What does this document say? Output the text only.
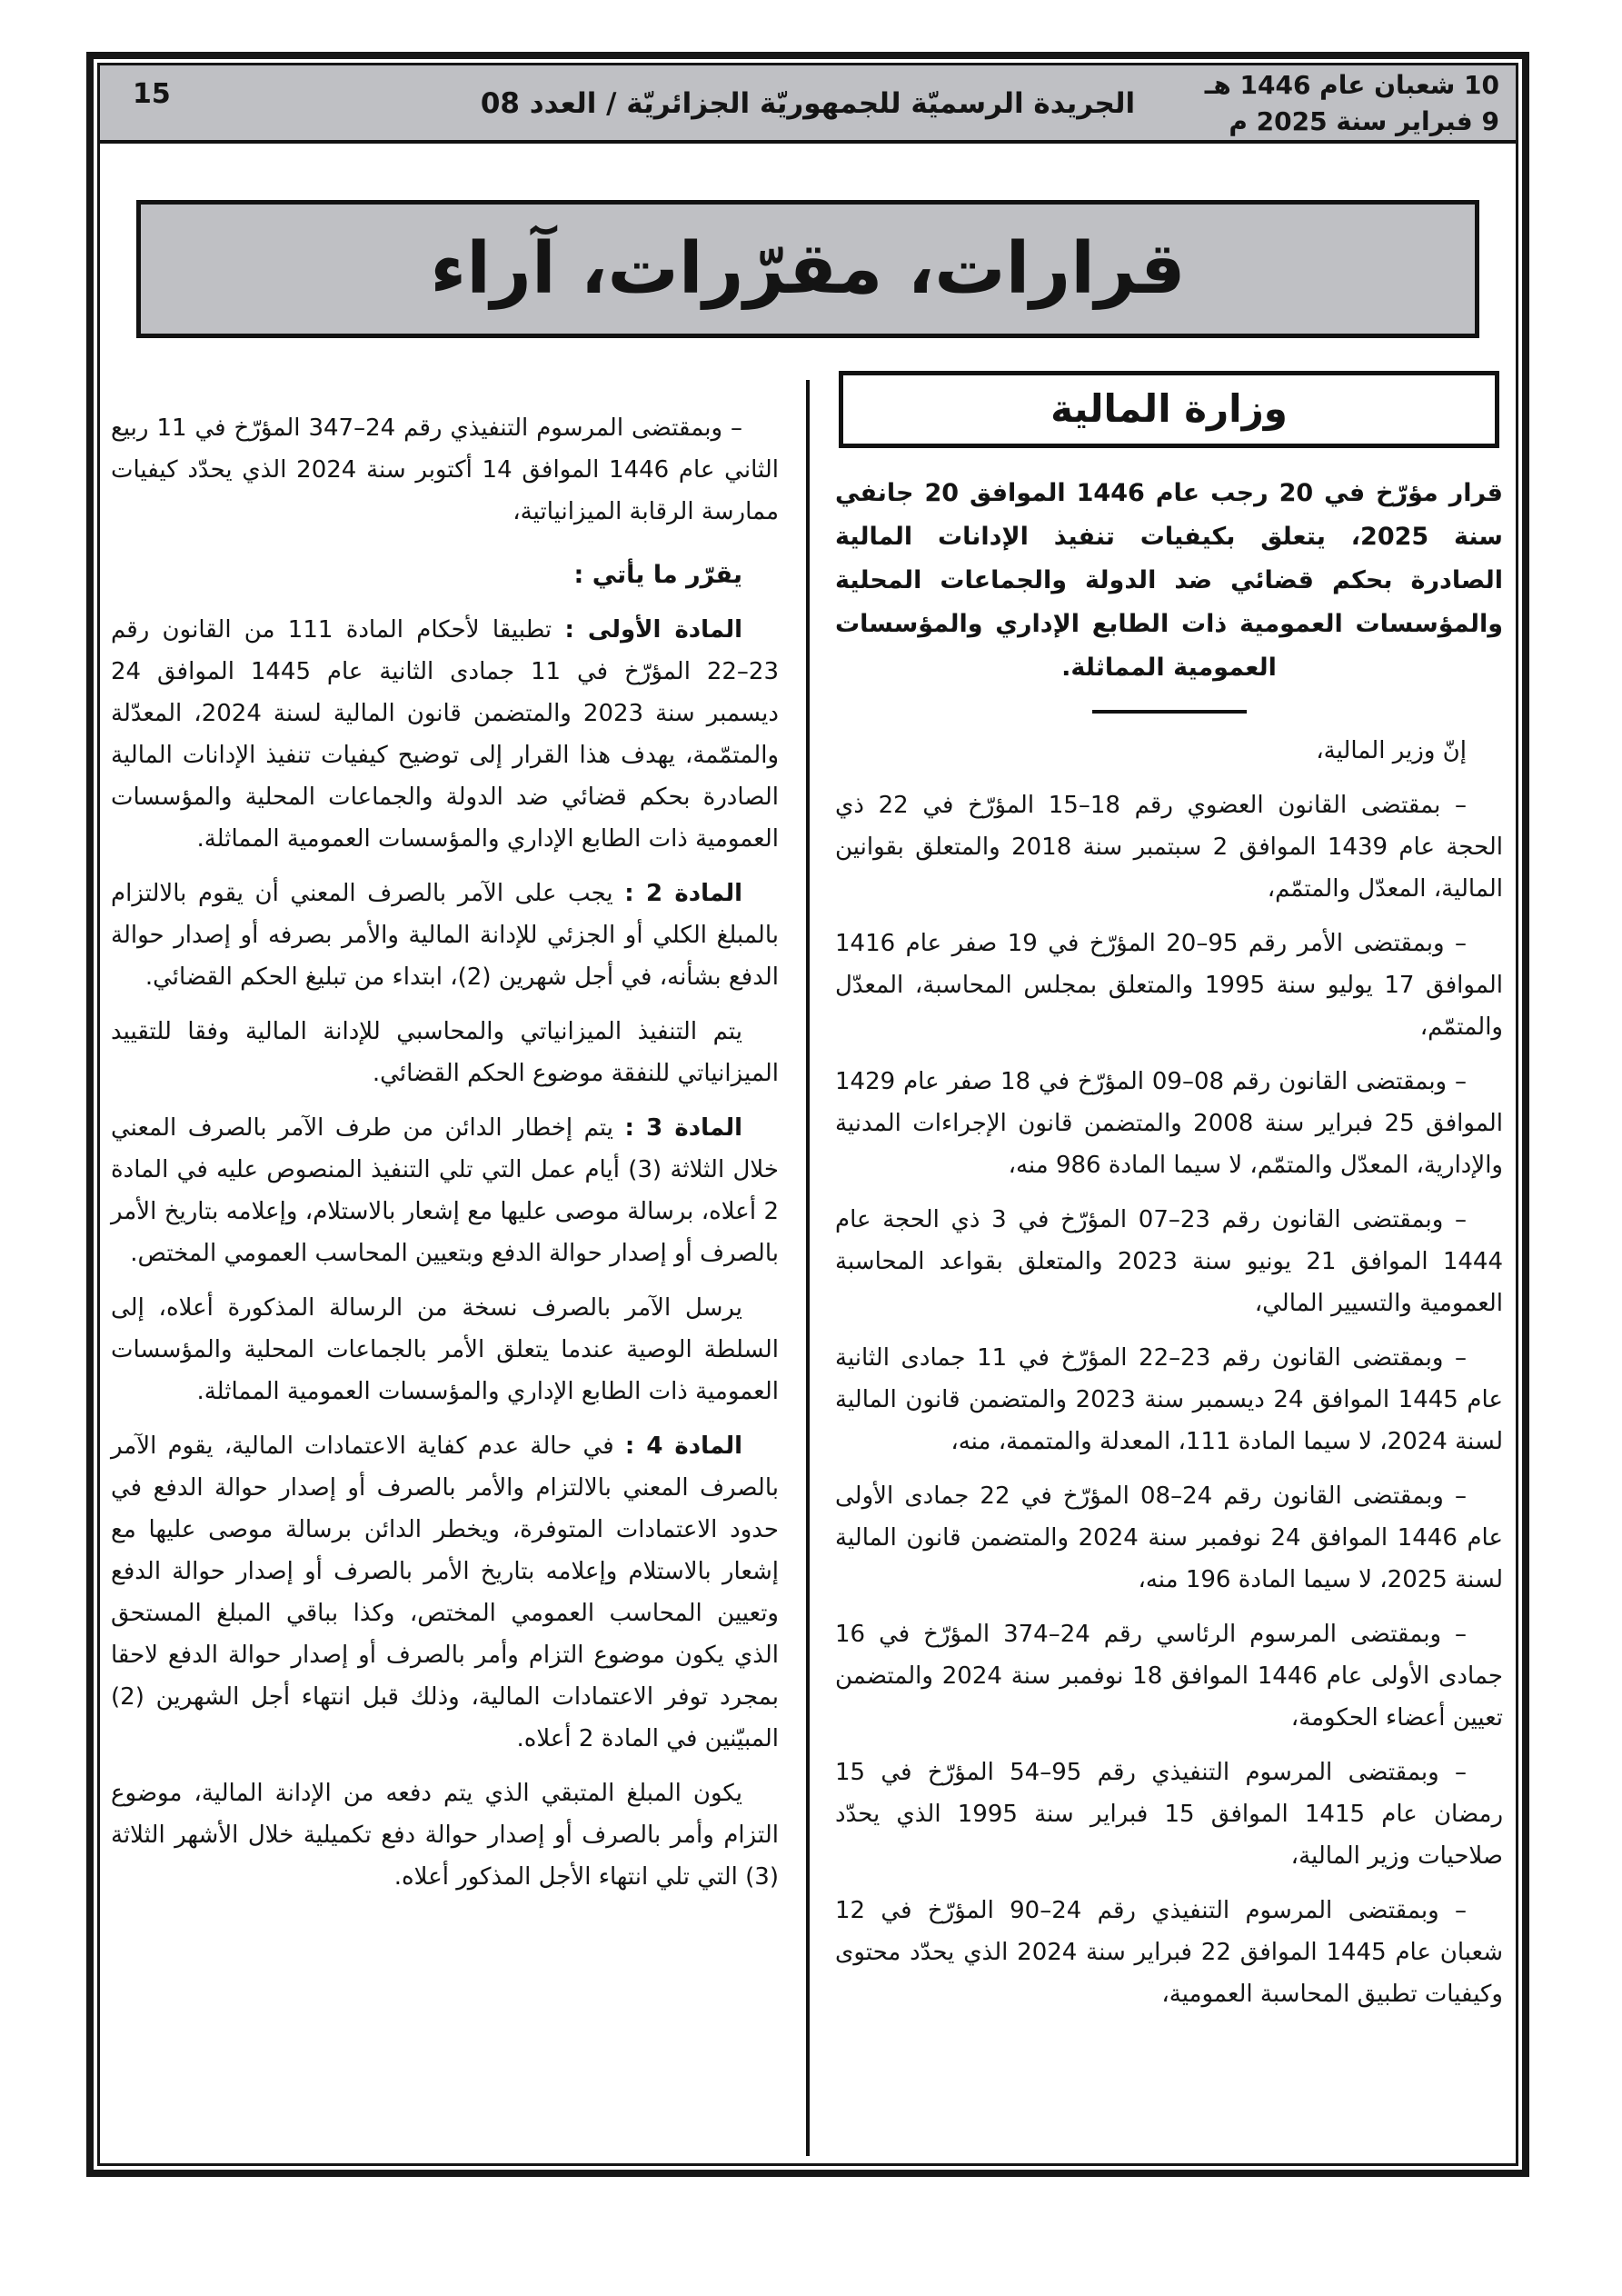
15	الجريدة الرسميّة للجمهوريّة الجزائريّة / العدد 08
10 شعبان عام 1446 هـ
9 فبراير سنة 2025 م
قرارات، مقرّرات، آراء
وزارة المالية

قرار مؤرّخ في 20 رجب عام 1446 الموافق 20 جانفي سنة 2025، يتعلق بكيفيات تنفيذ الإدانات المالية الصادرة بحكم قضائي ضد الدولة والجماعات المحلية والمؤسسات العمومية ذات الطابع الإداري والمؤسسات العمومية المماثلة.

إنّ وزير المالية،

– بمقتضى القانون العضوي رقم 18–15 المؤرّخ في 22 ذي الحجة عام 1439 الموافق 2 سبتمبر سنة 2018 والمتعلق بقوانين المالية، المعدّل والمتمّم،

– وبمقتضى الأمر رقم 95–20 المؤرّخ في 19 صفر عام 1416 الموافق 17 يوليو سنة 1995 والمتعلق بمجلس المحاسبة، المعدّل والمتمّم،

– وبمقتضى القانون رقم 08–09 المؤرّخ في 18 صفر عام 1429 الموافق 25 فبراير سنة 2008 والمتضمن قانون الإجراءات المدنية والإدارية، المعدّل والمتمّم، لا سيما المادة 986 منه،

– وبمقتضى القانون رقم 23–07 المؤرّخ في 3 ذي الحجة عام 1444 الموافق 21 يونيو سنة 2023 والمتعلق بقواعد المحاسبة العمومية والتسيير المالي،

– وبمقتضى القانون رقم 23–22 المؤرّخ في 11 جمادى الثانية عام 1445 الموافق 24 ديسمبر سنة 2023 والمتضمن قانون المالية لسنة 2024، لا سيما المادة 111، المعدلة والمتممة، منه،

– وبمقتضى القانون رقم 24–08 المؤرّخ في 22 جمادى الأولى عام 1446 الموافق 24 نوفمبر سنة 2024 والمتضمن قانون المالية لسنة 2025، لا سيما المادة 196 منه،

– وبمقتضى المرسوم الرئاسي رقم 24–374 المؤرّخ في 16 جمادى الأولى عام 1446 الموافق 18 نوفمبر سنة 2024 والمتضمن تعيين أعضاء الحكومة،

– وبمقتضى المرسوم التنفيذي رقم 95–54 المؤرّخ في 15 رمضان عام 1415 الموافق 15 فبراير سنة 1995 الذي يحدّد صلاحيات وزير المالية،

– وبمقتضى المرسوم التنفيذي رقم 24–90 المؤرّخ في 12 شعبان عام 1445 الموافق 22 فبراير سنة 2024 الذي يحدّد محتوى وكيفيات تطبيق المحاسبة العمومية،

– وبمقتضى المرسوم التنفيذي رقم 24–347 المؤرّخ في 11 ربيع الثاني عام 1446 الموافق 14 أكتوبر سنة 2024 الذي يحدّد كيفيات ممارسة الرقابة الميزانياتية،

يقرّر ما يأتي :

المادة الأولى : تطبيقا لأحكام المادة 111 من القانون رقم 23–22 المؤرّخ في 11 جمادى الثانية عام 1445 الموافق 24 ديسمبر سنة 2023 والمتضمن قانون المالية لسنة 2024، المعدّلة والمتمّمة، يهدف هذا القرار إلى توضيح كيفيات تنفيذ الإدانات المالية الصادرة بحكم قضائي ضد الدولة والجماعات المحلية والمؤسسات العمومية ذات الطابع الإداري والمؤسسات العمومية المماثلة.

المادة 2 : يجب على الآمر بالصرف المعني أن يقوم بالالتزام بالمبلغ الكلي أو الجزئي للإدانة المالية والأمر بصرفه أو إصدار حوالة الدفع بشأنه، في أجل شهرين (2)، ابتداء من تبليغ الحكم القضائي.

يتم التنفيذ الميزانياتي والمحاسبي للإدانة المالية وفقا للتقييد الميزانياتي للنفقة موضوع الحكم القضائي.

المادة 3 : يتم إخطار الدائن من طرف الآمر بالصرف المعني خلال الثلاثة (3) أيام عمل التي تلي التنفيذ المنصوص عليه في المادة 2 أعلاه، برسالة موصى عليها مع إشعار بالاستلام، وإعلامه بتاريخ الأمر بالصرف أو إصدار حوالة الدفع وبتعيين المحاسب العمومي المختص.

يرسل الآمر بالصرف نسخة من الرسالة المذكورة أعلاه، إلى السلطة الوصية عندما يتعلق الأمر بالجماعات المحلية والمؤسسات العمومية ذات الطابع الإداري والمؤسسات العمومية المماثلة.

المادة 4 : في حالة عدم كفاية الاعتمادات المالية، يقوم الآمر بالصرف المعني بالالتزام والأمر بالصرف أو إصدار حوالة الدفع في حدود الاعتمادات المتوفرة، ويخطر الدائن برسالة موصى عليها مع إشعار بالاستلام وإعلامه بتاريخ الأمر بالصرف أو إصدار حوالة الدفع وتعيين المحاسب العمومي المختص، وكذا بباقي المبلغ المستحق الذي يكون موضوع التزام وأمر بالصرف أو إصدار حوالة الدفع لاحقا بمجرد توفر الاعتمادات المالية، وذلك قبل انتهاء أجل الشهرين (2) المبيّنين في المادة 2 أعلاه.

يكون المبلغ المتبقي الذي يتم دفعه من الإدانة المالية، موضوع التزام وأمر بالصرف أو إصدار حوالة دفع تكميلية خلال الأشهر الثلاثة (3) التي تلي انتهاء الأجل المذكور أعلاه.
